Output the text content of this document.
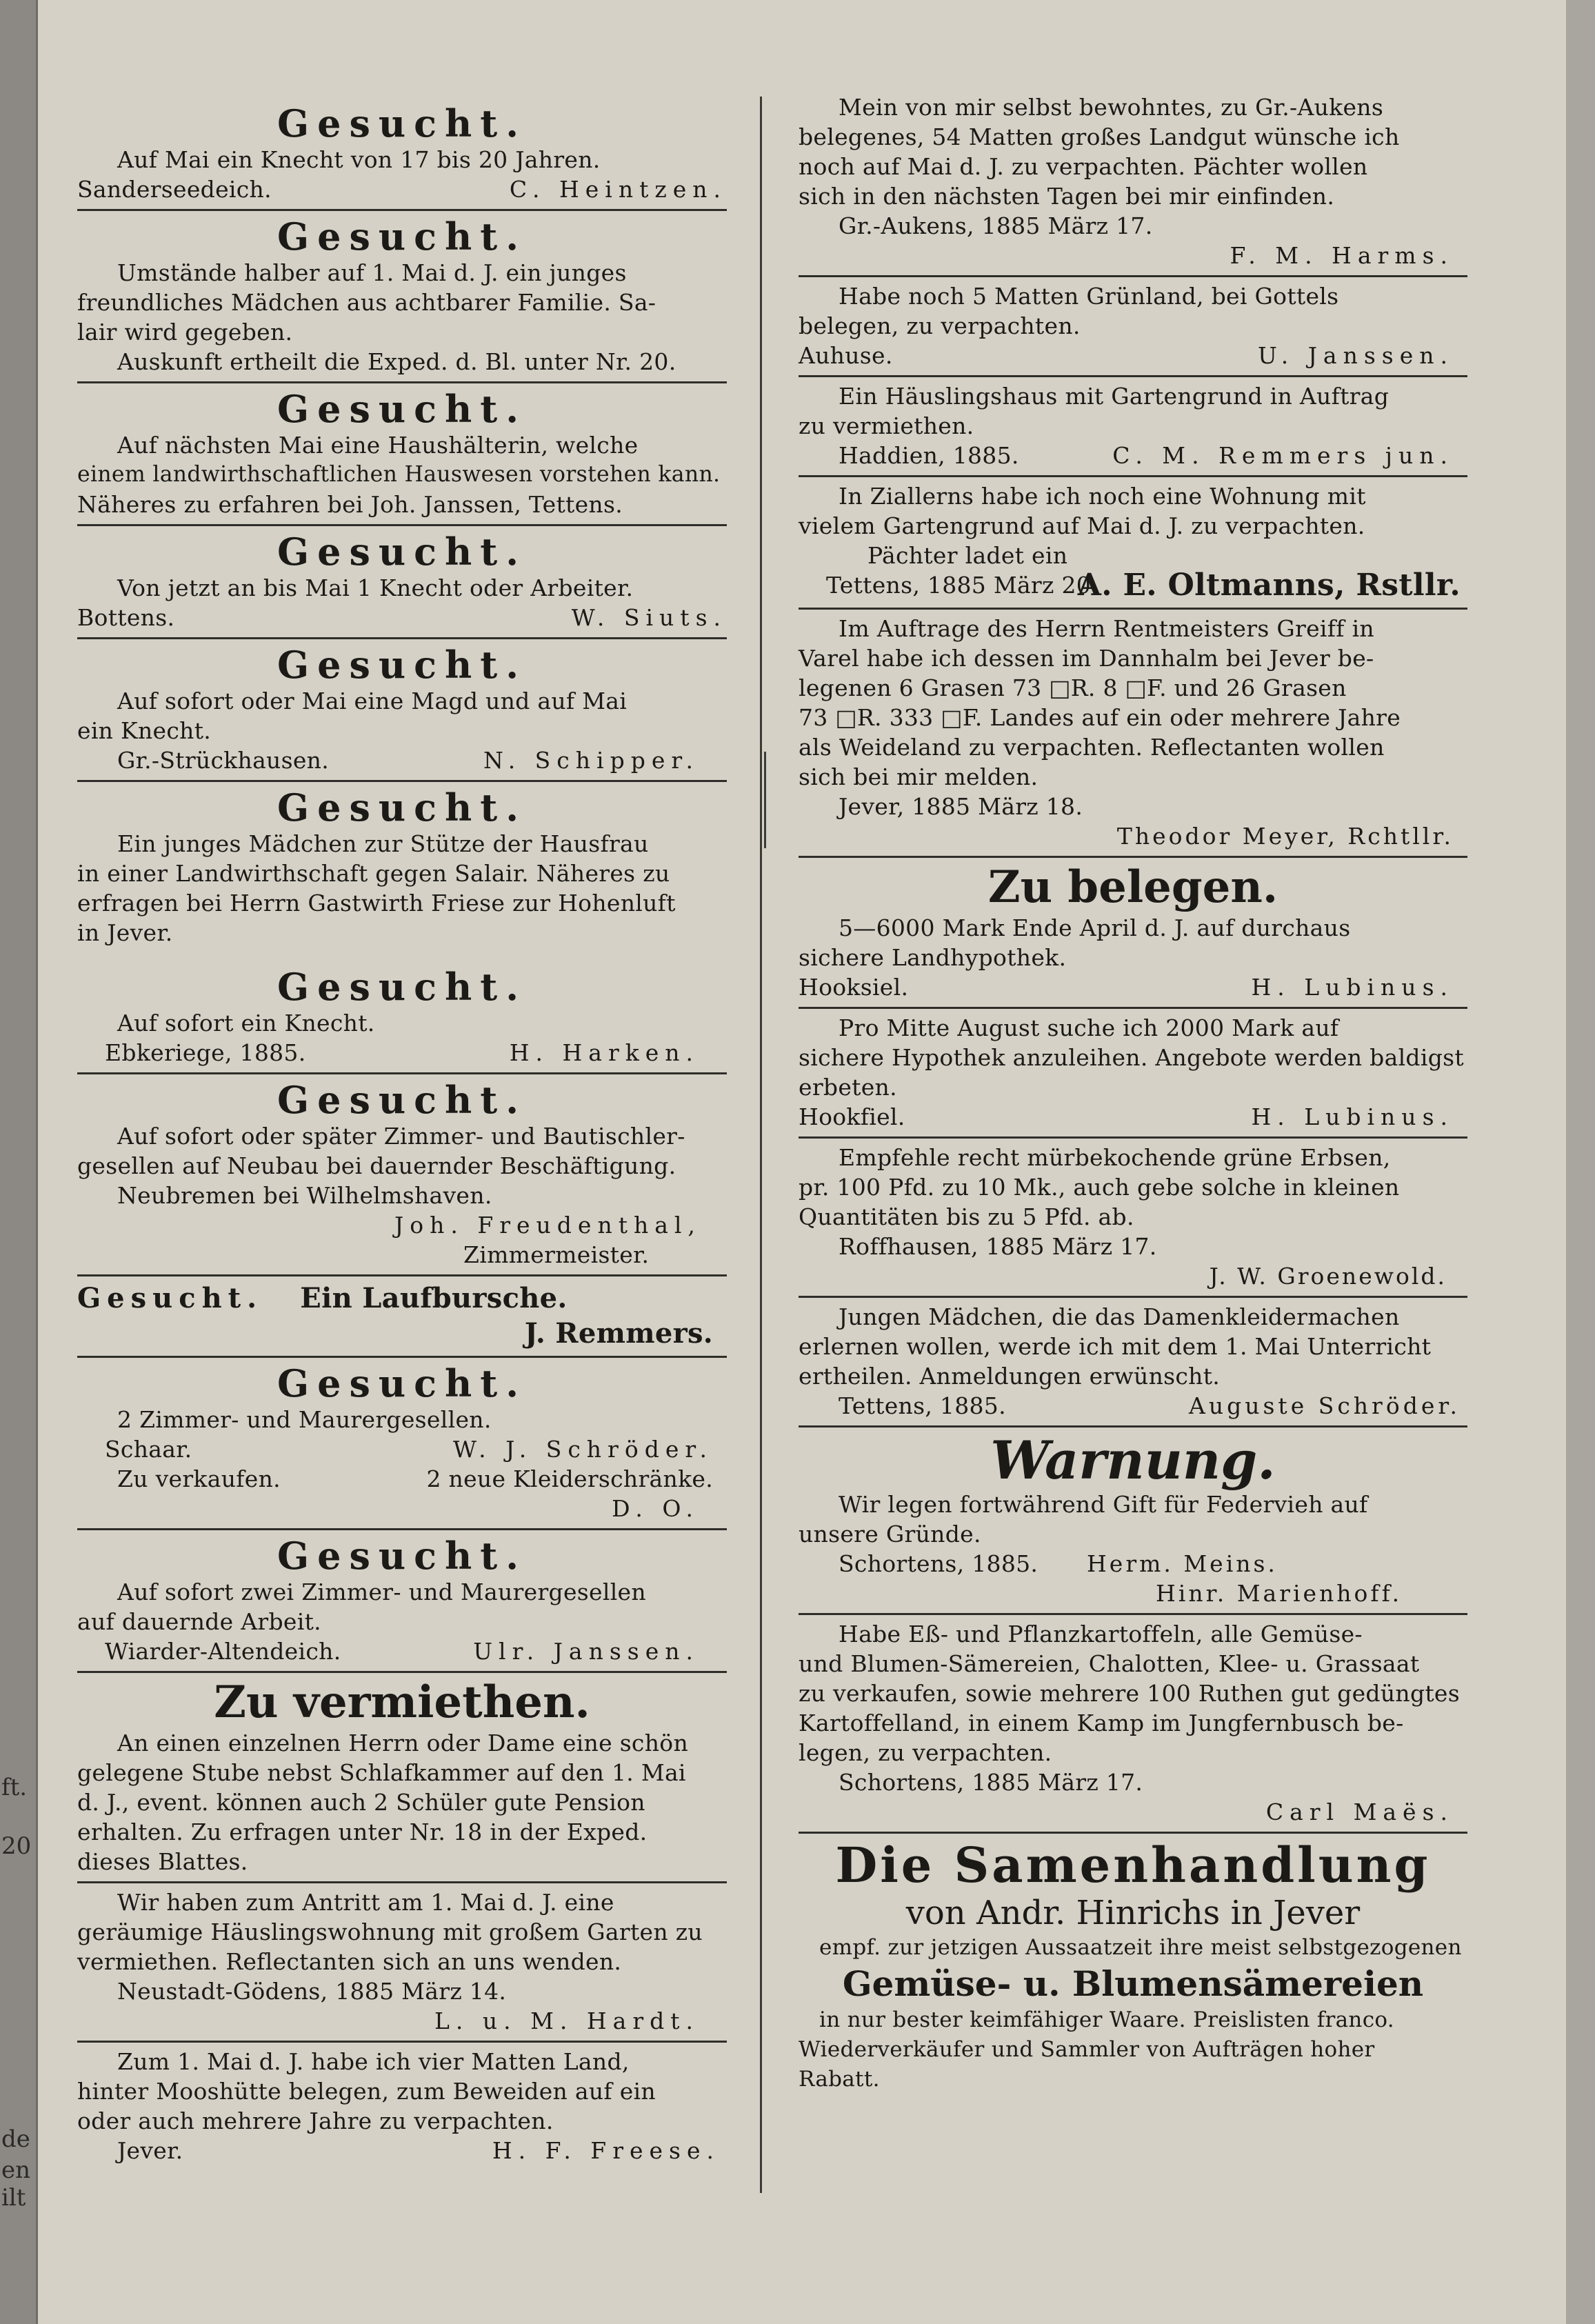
ft.
20
de
en
ilt
Gesucht.
Auf Mai ein Knecht von 17 bis 20 Jahren.
Sanderseedeich.	C. Heintzen.
Gesucht.
Umstände halber auf 1. Mai d. J. ein junges
freundliches Mädchen aus achtbarer Familie. Sa-
lair wird gegeben.
Auskunft ertheilt die Exped. d. Bl. unter Nr. 20.
Gesucht.
Auf nächsten Mai eine Haushälterin, welche
einem landwirthschaftlichen Hauswesen vorstehen kann.
Näheres zu erfahren bei Joh. Janssen, Tettens.
Gesucht.
Von jetzt an bis Mai 1 Knecht oder Arbeiter.
Bottens.	W. Siuts.
Gesucht.
Auf sofort oder Mai eine Magd und auf Mai
ein Knecht.
Gr.-Strückhausen.	N. Schipper.
Gesucht.
Ein junges Mädchen zur Stütze der Hausfrau
in einer Landwirthschaft gegen Salair. Näheres zu
erfragen bei Herrn Gastwirth Friese zur Hohenluft
in Jever.
Gesucht.
Auf sofort ein Knecht.
Ebkeriege, 1885.	H. Harken.
Gesucht.
Auf sofort oder später Zimmer- und Bautischler-
gesellen auf Neubau bei dauernder Beschäftigung.
Neubremen bei Wilhelmshaven.
Joh. Freudenthal,
Zimmermeister.
Gesucht. Ein Laufbursche.
J. Remmers.
Gesucht.
2 Zimmer- und Maurergesellen.
Schaar.	W. J. Schröder.
Zu verkaufen.	2 neue Kleiderschränke.
D. O.
Gesucht.
Auf sofort zwei Zimmer- und Maurergesellen
auf dauernde Arbeit.
Wiarder-Altendeich.	Ulr. Janssen.
Zu vermiethen.
An einen einzelnen Herrn oder Dame eine schön
gelegene Stube nebst Schlafkammer auf den 1. Mai
d. J., event. können auch 2 Schüler gute Pension
erhalten. Zu erfragen unter Nr. 18 in der Exped.
dieses Blattes.
Wir haben zum Antritt am 1. Mai d. J. eine
geräumige Häuslingswohnung mit großem Garten zu
vermiethen. Reflectanten sich an uns wenden.
Neustadt-Gödens, 1885 März 14.
L. u. M. Hardt.
Zum 1. Mai d. J. habe ich vier Matten Land,
hinter Mooshütte belegen, zum Beweiden auf ein
oder auch mehrere Jahre zu verpachten.
Jever.	H. F. Freese.
Mein von mir selbst bewohntes, zu Gr.-Aukens
belegenes, 54 Matten großes Landgut wünsche ich
noch auf Mai d. J. zu verpachten. Pächter wollen
sich in den nächsten Tagen bei mir einfinden.
Gr.-Aukens, 1885 März 17.
F. M. Harms.
Habe noch 5 Matten Grünland, bei Gottels
belegen, zu verpachten.
Auhuse.	U. Janssen.
Ein Häuslingshaus mit Gartengrund in Auftrag
zu vermiethen.
Haddien, 1885.	C. M. Remmers jun.
In Ziallerns habe ich noch eine Wohnung mit
vielem Gartengrund auf Mai d. J. zu verpachten.
Pächter ladet ein
Tettens, 1885 März 20.
A. E. Oltmanns, Rstllr.
Im Auftrage des Herrn Rentmeisters Greiff in
Varel habe ich dessen im Dannhalm bei Jever be-
legenen 6 Grasen 73 □R. 8 □F. und 26 Grasen
73 □R. 333 □F. Landes auf ein oder mehrere Jahre
als Weideland zu verpachten. Reflectanten wollen
sich bei mir melden.
Jever, 1885 März 18.
Theodor Meyer, Rchtllr.
Zu belegen.
5—6000 Mark Ende April d. J. auf durchaus
sichere Landhypothek.
Hooksiel.	H. Lubinus.
Pro Mitte August suche ich 2000 Mark auf
sichere Hypothek anzuleihen. Angebote werden baldigst
erbeten.
Hookfiel.	H. Lubinus.
Empfehle recht mürbekochende grüne Erbsen,
pr. 100 Pfd. zu 10 Mk., auch gebe solche in kleinen
Quantitäten bis zu 5 Pfd. ab.
Roffhausen, 1885 März 17.
J. W. Groenewold.
Jungen Mädchen, die das Damenkleidermachen
erlernen wollen, werde ich mit dem 1. Mai Unterricht
ertheilen. Anmeldungen erwünscht.
Tettens, 1885.	Auguste Schröder.
Warnung.
Wir legen fortwährend Gift für Federvieh auf
unsere Gründe.
Schortens, 1885. Herm. Meins.
Hinr. Marienhoff.
Habe Eß- und Pflanzkartoffeln, alle Gemüse-
und Blumen-Sämereien, Chalotten, Klee- u. Grassaat
zu verkaufen, sowie mehrere 100 Ruthen gut gedüngtes
Kartoffelland, in einem Kamp im Jungfernbusch be-
legen, zu verpachten.
Schortens, 1885 März 17.
Carl Maës.
Die Samenhandlung
von Andr. Hinrichs in Jever
empf. zur jetzigen Aussaatzeit ihre meist selbstgezogenen
Gemüse- u. Blumensämereien
in nur bester keimfähiger Waare. Preislisten franco.
Wiederverkäufer und Sammler von Aufträgen hoher
Rabatt.
